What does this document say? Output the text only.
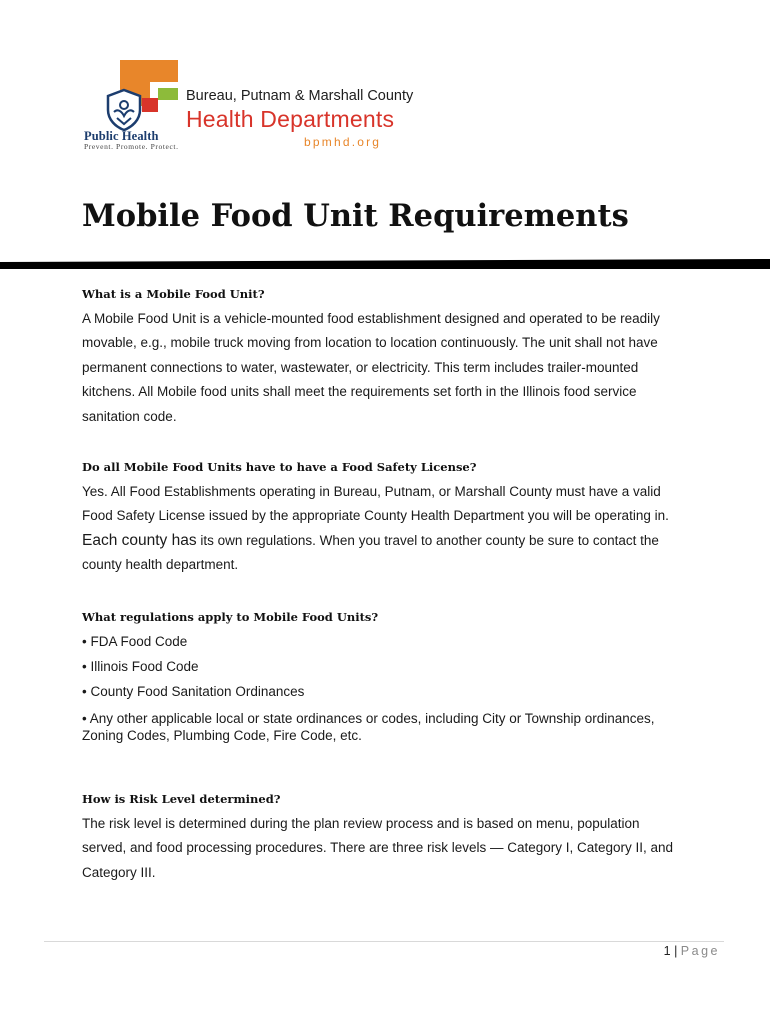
Public Health
Prevent. Promote. Protect.
Bureau, Putnam & Marshall County
Health Departments
bpmhd.org
Mobile Food Unit Requirements

What is a Mobile Food Unit?

A Mobile Food Unit is a vehicle-mounted food establishment designed and operated to be readily
movable, e.g., mobile truck moving from location to location continuously. The unit shall not have
permanent connections to water, wastewater, or electricity. This term includes trailer-mounted
kitchens. All Mobile food units shall meet the requirements set forth in the Illinois food service
sanitation code.

Do all Mobile Food Units have to have a Food Safety License?

Yes. All Food Establishments operating in Bureau, Putnam, or Marshall County must have a valid
Food Safety License issued by the appropriate County Health Department you will be operating in.
Each county has its own regulations. When you travel to another county be sure to contact the
county health department.

What regulations apply to Mobile Food Units?

• FDA Food Code

• Illinois Food Code

• County Food Sanitation Ordinances

• Any other applicable local or state ordinances or codes, including City or Township ordinances,
Zoning Codes, Plumbing Code, Fire Code, etc.

How is Risk Level determined?

The risk level is determined during the plan review process and is based on menu, population
served, and food processing procedures. There are three risk levels — Category I, Category II, and
Category III.
1 | Page
